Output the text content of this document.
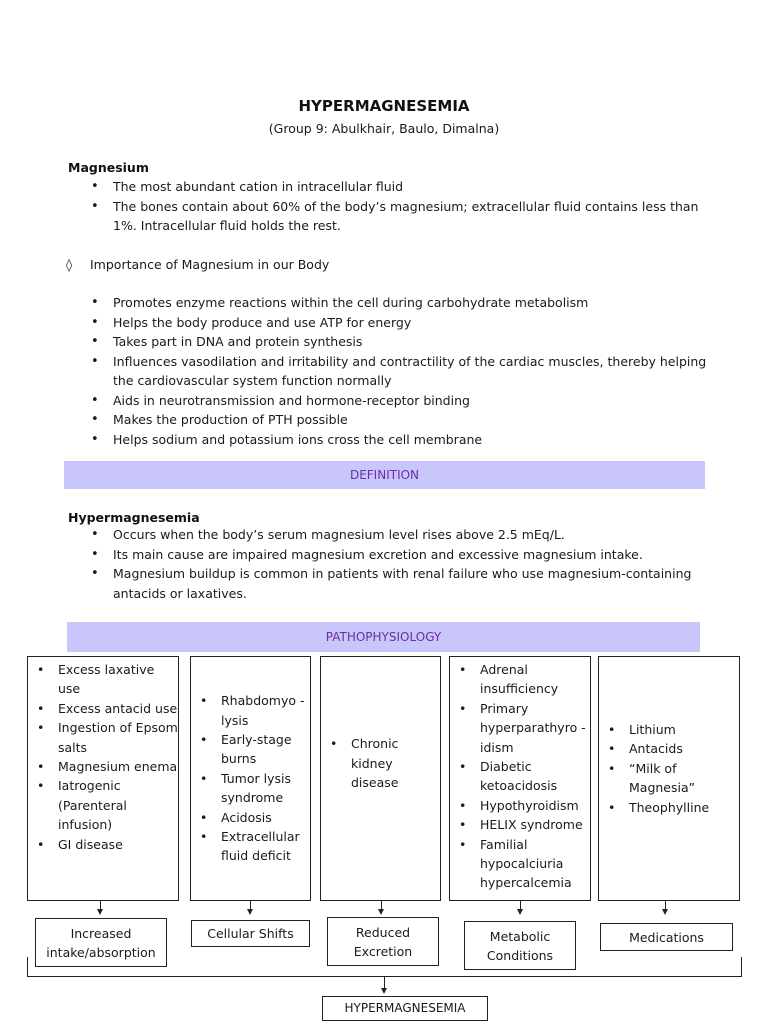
HYPERMAGNESEMIA
(Group 9: Abulkhair, Baulo, Dimalna)
Magnesium
• The most abundant cation in intracellular fluid
• The bones contain about 60% of the body’s magnesium; extracellular fluid contains less than 1%. Intracellular fluid holds the rest.
◊ Importance of Magnesium in our Body
• Promotes enzyme reactions within the cell during carbohydrate metabolism
• Helps the body produce and use ATP for energy
• Takes part in DNA and protein synthesis
• Influences vasodilation and irritability and contractility of the cardiac muscles, thereby helping the cardiovascular system function normally
• Aids in neurotransmission and hormone-receptor binding
• Makes the production of PTH possible
• Helps sodium and potassium ions cross the cell membrane
DEFINITION
Hypermagnesemia
• Occurs when the body’s serum magnesium level rises above 2.5 mEq/L.
• Its main cause are impaired magnesium excretion and excessive magnesium intake.
• Magnesium buildup is common in patients with renal failure who use magnesium-containing antacids or laxatives.
PATHOPHYSIOLOGY
• Excess laxative use
• Excess antacid use
• Ingestion of Epsom salts
• Magnesium enema
• Iatrogenic (Parenteral infusion)
• GI disease
• Rhabdomyo -lysis
• Early-stage burns
• Tumor lysis syndrome
• Acidosis
• Extracellular fluid deficit
• Chronic kidney disease
• Adrenal insufficiency
• Primary hyperparathyro -idism
• Diabetic ketoacidosis
• Hypothyroidism
• HELIX syndrome
• Familial hypocalciuria hypercalcemia
• Lithium
• Antacids
• “Milk of Magnesia”
• Theophylline
Increased intake/absorption
Cellular Shifts	Reduced Excretion
Metabolic Conditions
Medications
HYPERMAGNESEMIA
